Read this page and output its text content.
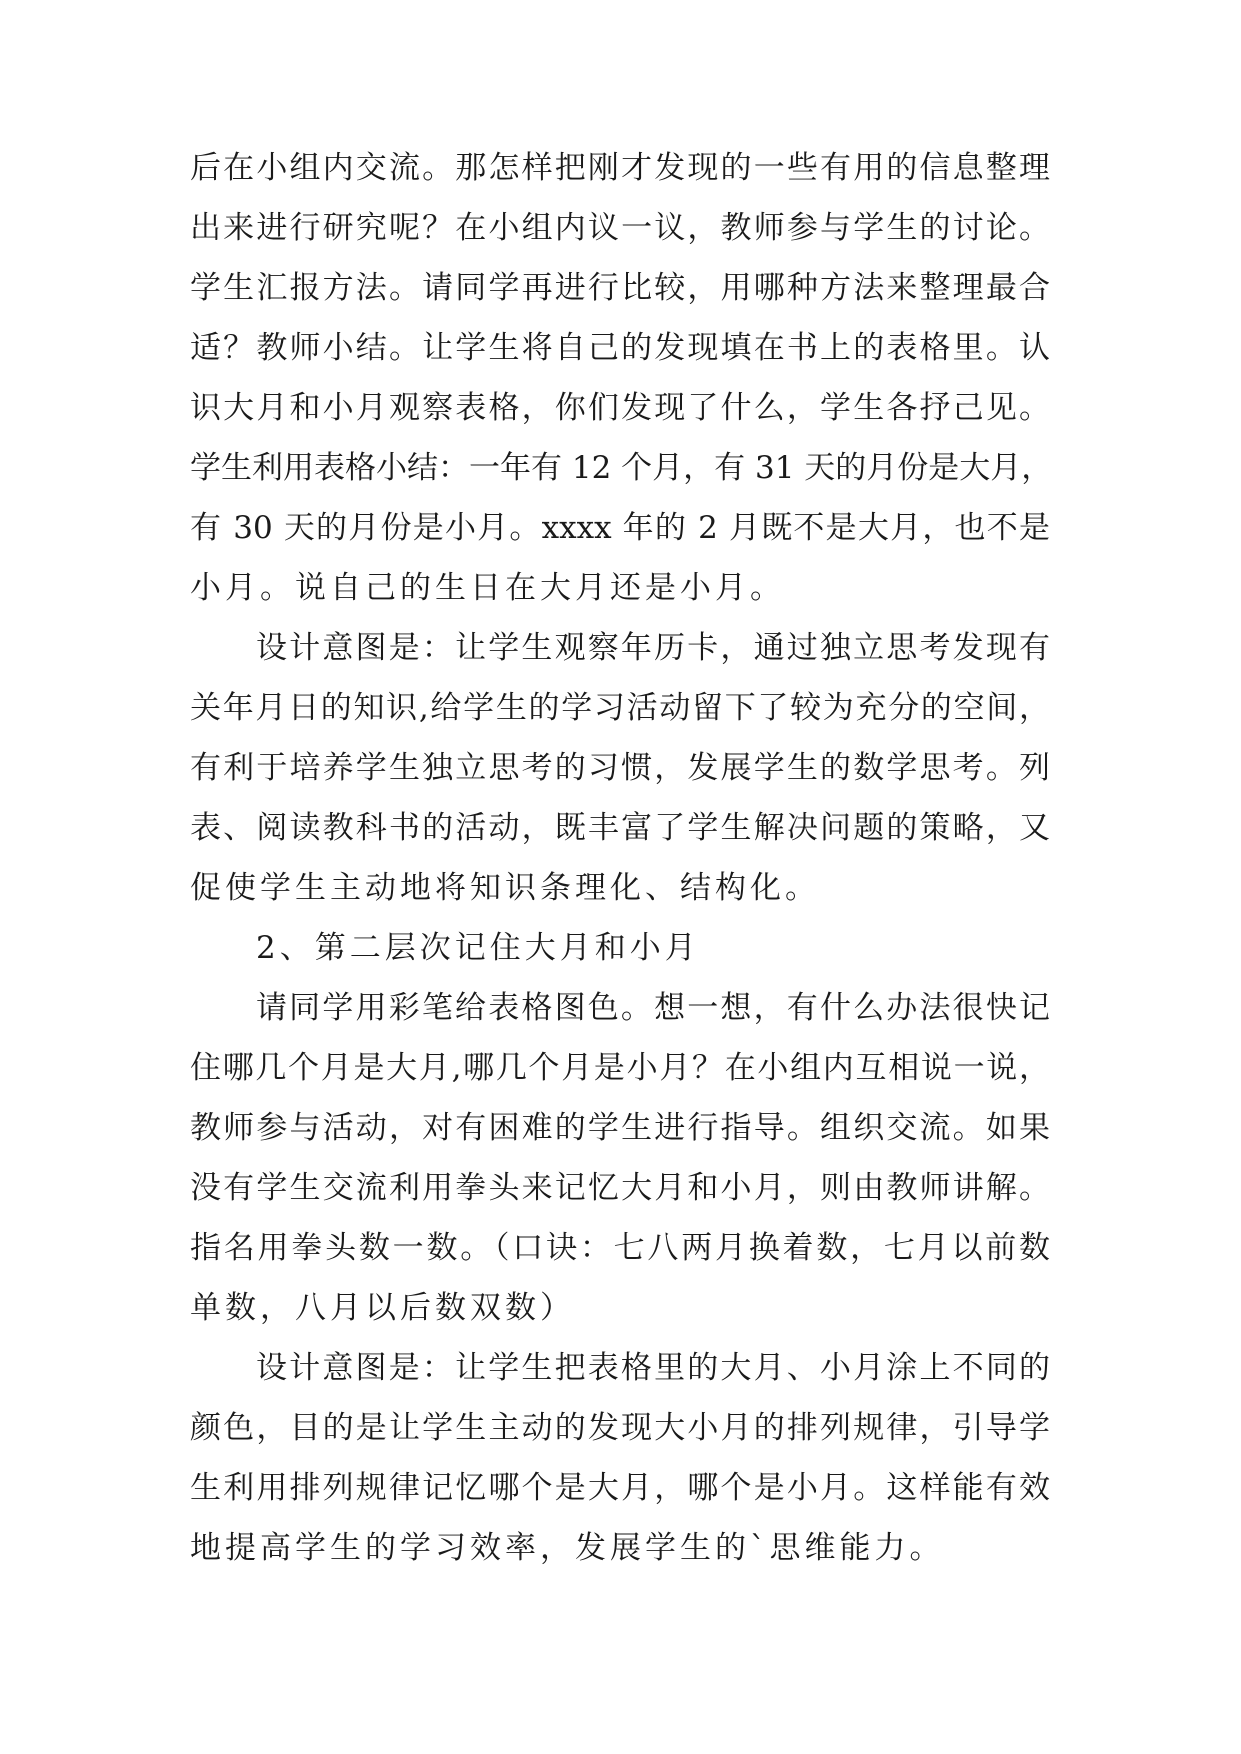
后在小组内交流。那怎样把刚才发现的一些有用的信息整理
出来进行研究呢？在小组内议一议，教师参与学生的讨论。
学生汇报方法。请同学再进行比较，用哪种方法来整理最合
适？教师小结。让学生将自己的发现填在书上的表格里。认
识大月和小月观察表格，你们发现了什么，学生各抒己见。
学生利用表格小结：一年有 12 个月，有 31 天的月份是大月，
有 30 天的月份是小月。xxxx 年的 2 月既不是大月，也不是
小月。说自己的生日在大月还是小月。
设计意图是：让学生观察年历卡，通过独立思考发现有
关年月日的知识,给学生的学习活动留下了较为充分的空间，
有利于培养学生独立思考的习惯，发展学生的数学思考。列
表、阅读教科书的活动，既丰富了学生解决问题的策略，又
促使学生主动地将知识条理化、结构化。
2、第二层次记住大月和小月
请同学用彩笔给表格图色。想一想，有什么办法很快记
住哪几个月是大月,哪几个月是小月？在小组内互相说一说，
教师参与活动，对有困难的学生进行指导。组织交流。如果
没有学生交流利用拳头来记忆大月和小月，则由教师讲解。
指名用拳头数一数。（口诀：七八两月换着数，七月以前数
单数，八月以后数双数）
设计意图是：让学生把表格里的大月、小月涂上不同的
颜色，目的是让学生主动的发现大小月的排列规律，引导学
生利用排列规律记忆哪个是大月，哪个是小月。这样能有效
地提高学生的学习效率，发展学生的`思维能力。
